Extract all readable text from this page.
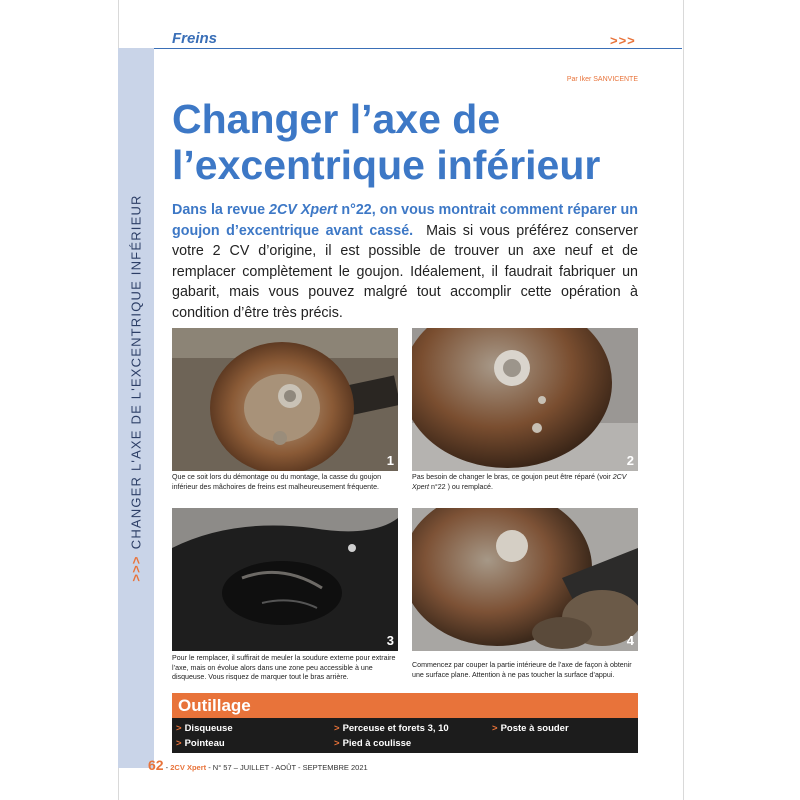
>>>CHANGER L'AXE DE L'EXCENTRIQUE INFÉRIEUR
Freins	>>>
Par Iker SANVICENTE
Changer l’axe de
l’excentrique inférieur

Dans la revue 2CV Xpert n°22, on vous montrait comment réparer un goujon d’excentrique avant cassé. Mais si vous préférez conserver votre 2 CV d’origine, il est possible de trouver un axe neuf et de remplacer complètement le goujon. Idéalement, il faudrait fabriquer un gabarit, mais vous pouvez malgré tout accomplir cette opération à condition d’être très précis.

1

Que ce soit lors du démontage ou du montage, la casse du goujon inférieur des mâchoires de freins est malheureusement fréquente.

2

Pas besoin de changer le bras, ce goujon peut être réparé (voir 2CV Xpert n°22 ) ou remplacé.

3

Pour le remplacer, il suffirait de meuler la soudure externe pour extraire l’axe, mais on évolue alors dans une zone peu accessible à une disqueuse. Vous risquez de marquer tout le bras arrière.

4

Commencez par couper la partie intérieure de l’axe de façon à obtenir une surface plane. Attention à ne pas toucher la surface d’appui.

Outillage
> Disqueuse	> Perceuse et forets 3, 10	> Poste à souder
> Pointeau	> Pied à coulisse
62 - 2CV Xpert - N° 57 – JUILLET - AOÛT - SEPTEMBRE 2021
